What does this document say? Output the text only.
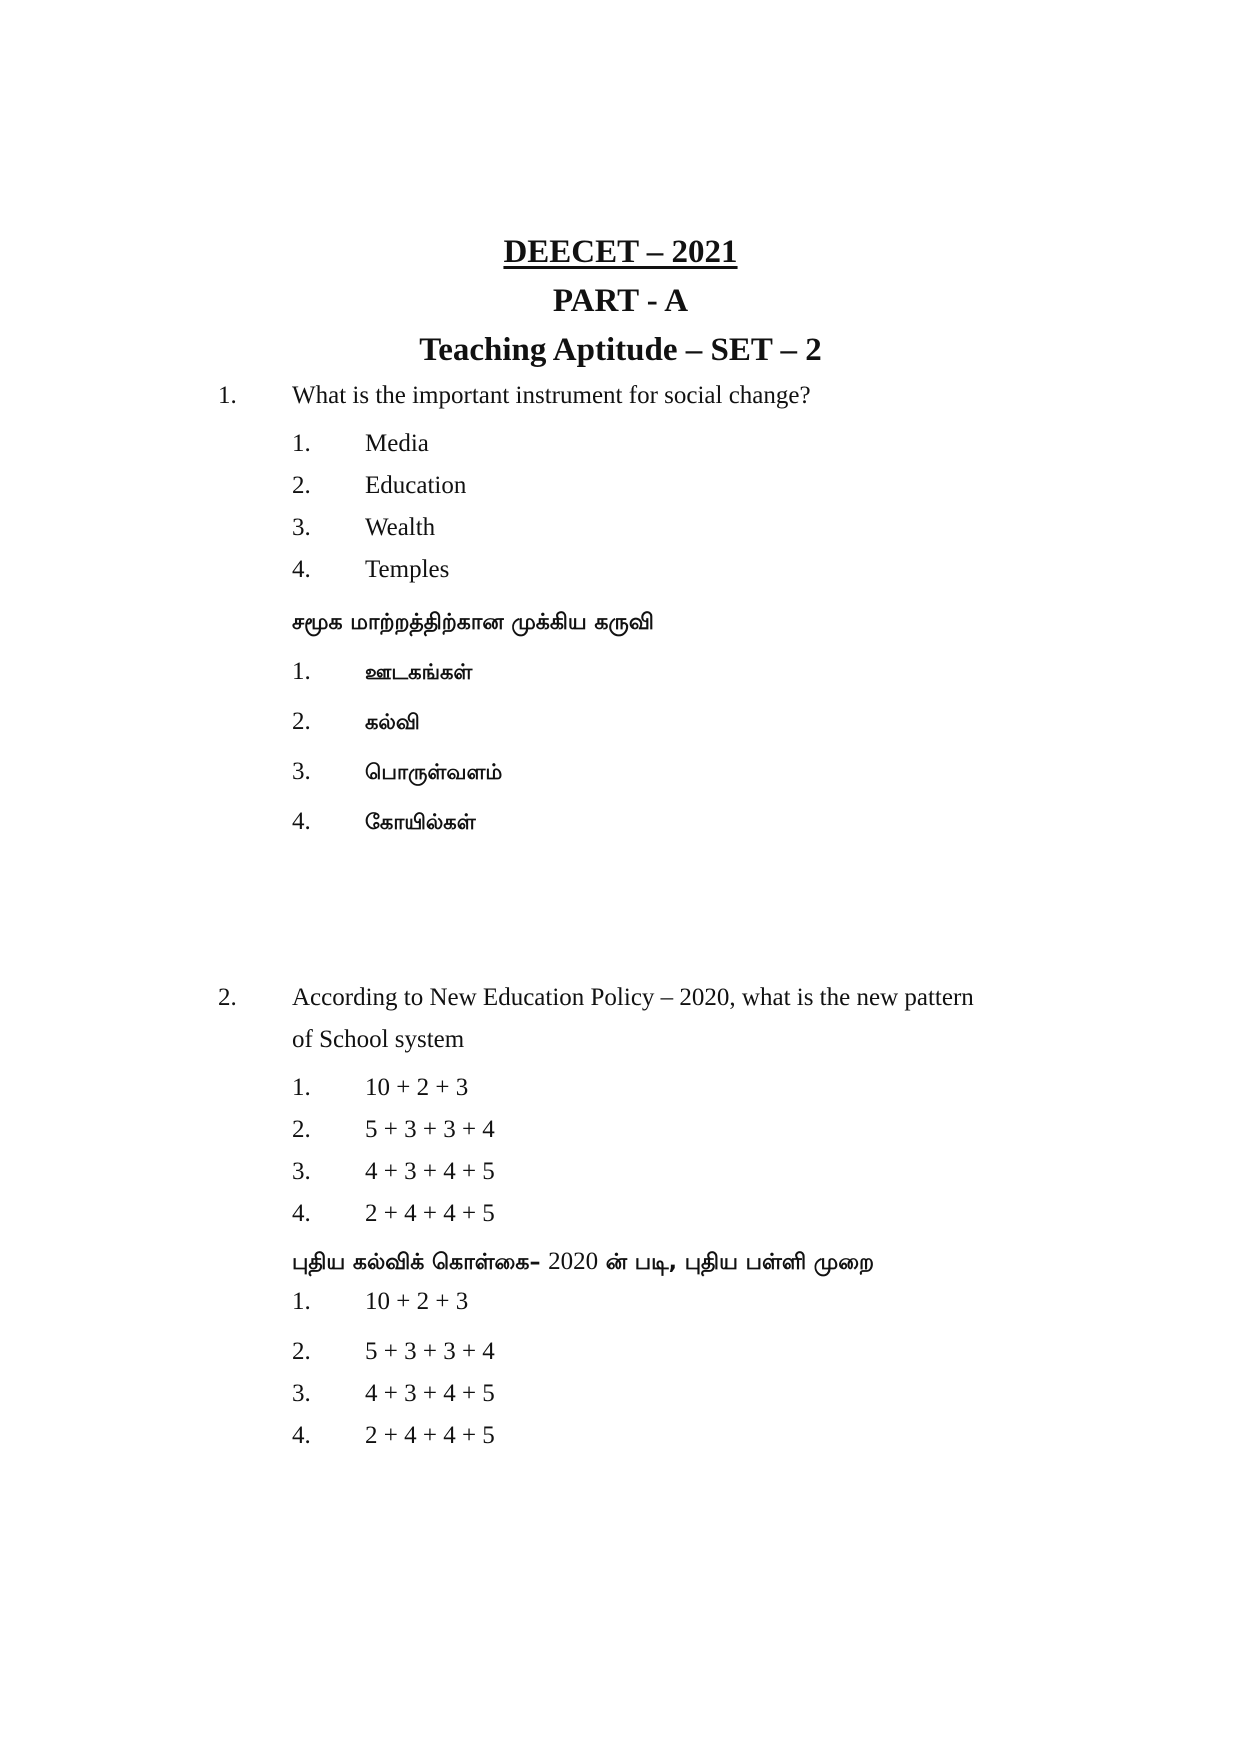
DEECET – 2021
PART - A
Teaching Aptitude – SET – 2
1. What is the important instrument for social change?
1. Media
2. Education
3. Wealth
4. Temples
சமூக மாற்றத்திற்கான முக்கிய கருவி
1.	ஊடகங்கள்
2.	கல்வி
3.	பொருள்வளம்
4.	கோயில்கள்
2. According to New Education Policy – 2020, what is the new pattern
of School system
1. 10 + 2 + 3
2. 5 + 3 + 3 + 4
3. 4 + 3 + 4 + 5
4. 2 + 4 + 4 + 5
புதிய கல்விக் கொள்கை– 2020 ன் படி, புதிய பள்ளி முறை
1. 10 + 2 + 3
2. 5 + 3 + 3 + 4
3. 4 + 3 + 4 + 5
4. 2 + 4 + 4 + 5
